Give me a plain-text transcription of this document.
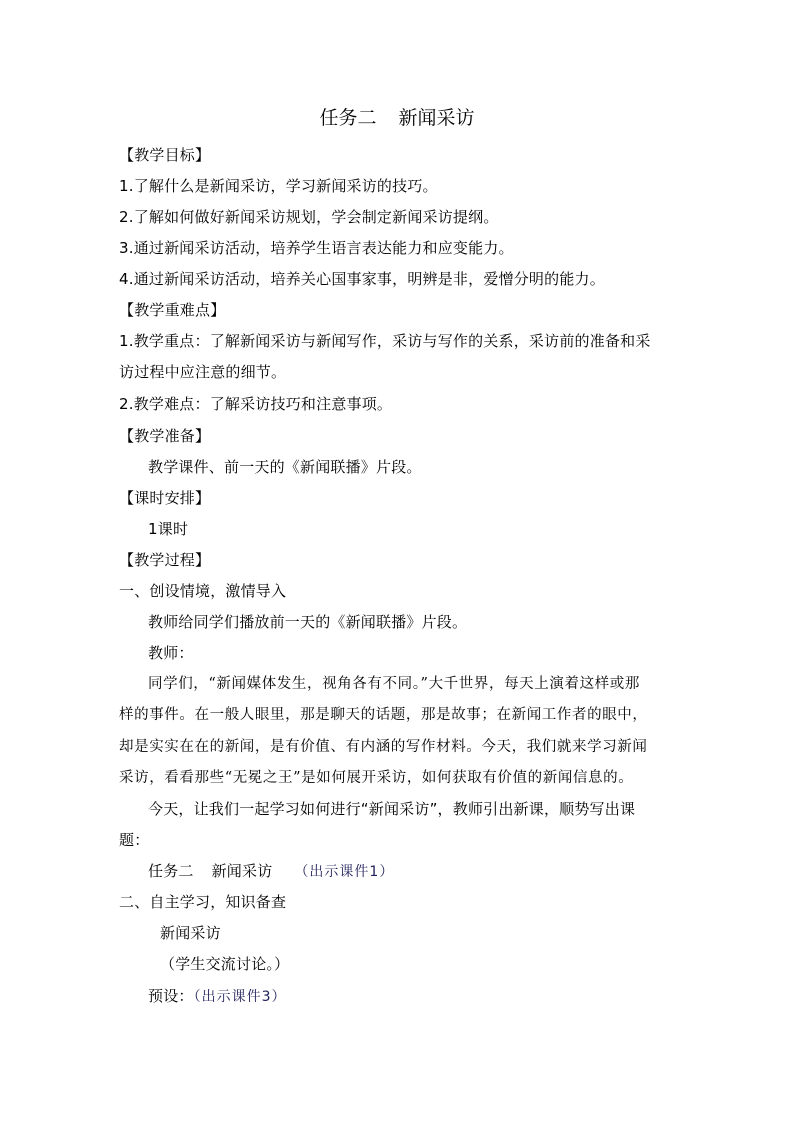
任务二 新闻采访
【教学目标】
1.了解什么是新闻采访，学习新闻采访的技巧。
2.了解如何做好新闻采访规划，学会制定新闻采访提纲。
3.通过新闻采访活动，培养学生语言表达能力和应变能力。
4.通过新闻采访活动，培养关心国事家事，明辨是非，爱憎分明的能力。
【教学重难点】
1.教学重点：了解新闻采访与新闻写作，采访与写作的关系，采访前的准备和采
访过程中应注意的细节。
2.教学难点：了解采访技巧和注意事项。
【教学准备】
教学课件、前一天的《新闻联播》片段。
【课时安排】
1课时
【教学过程】
一、创设情境，激情导入
教师给同学们播放前一天的《新闻联播》片段。
教师：
同学们，“新闻媒体发生，视角各有不同。”大千世界，每天上演着这样或那
样的事件。在一般人眼里，那是聊天的话题，那是故事；在新闻工作者的眼中，
却是实实在在的新闻，是有价值、有内涵的写作材料。今天，我们就来学习新闻
采访，看看那些“无冕之王”是如何展开采访，如何获取有价值的新闻信息的。
今天，让我们一起学习如何进行“新闻采访”，教师引出新课，顺势写出课
题：
任务二 新闻采访 （出示课件1）
二、自主学习，知识备查
新闻采访
（学生交流讨论。）
预设：（出示课件3）
